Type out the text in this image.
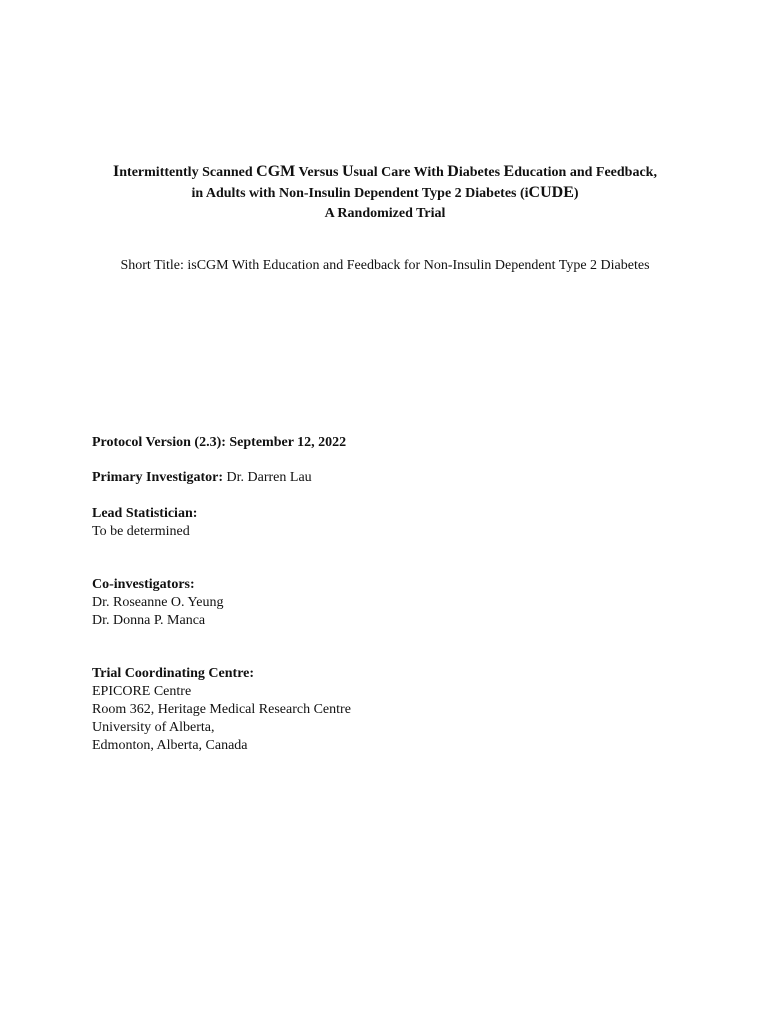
Intermittently Scanned CGM Versus Usual Care With Diabetes Education and Feedback,
in Adults with Non-Insulin Dependent Type 2 Diabetes (iCUDE)
A Randomized Trial
Short Title: isCGM With Education and Feedback for Non-Insulin Dependent Type 2 Diabetes
Protocol Version (2.3): September 12, 2022
Primary Investigator: Dr. Darren Lau
Lead Statistician:
To be determined
Co-investigators:
Dr. Roseanne O. Yeung
Dr. Donna P. Manca
Trial Coordinating Centre:
EPICORE Centre
Room 362, Heritage Medical Research Centre
University of Alberta,
Edmonton, Alberta, Canada
